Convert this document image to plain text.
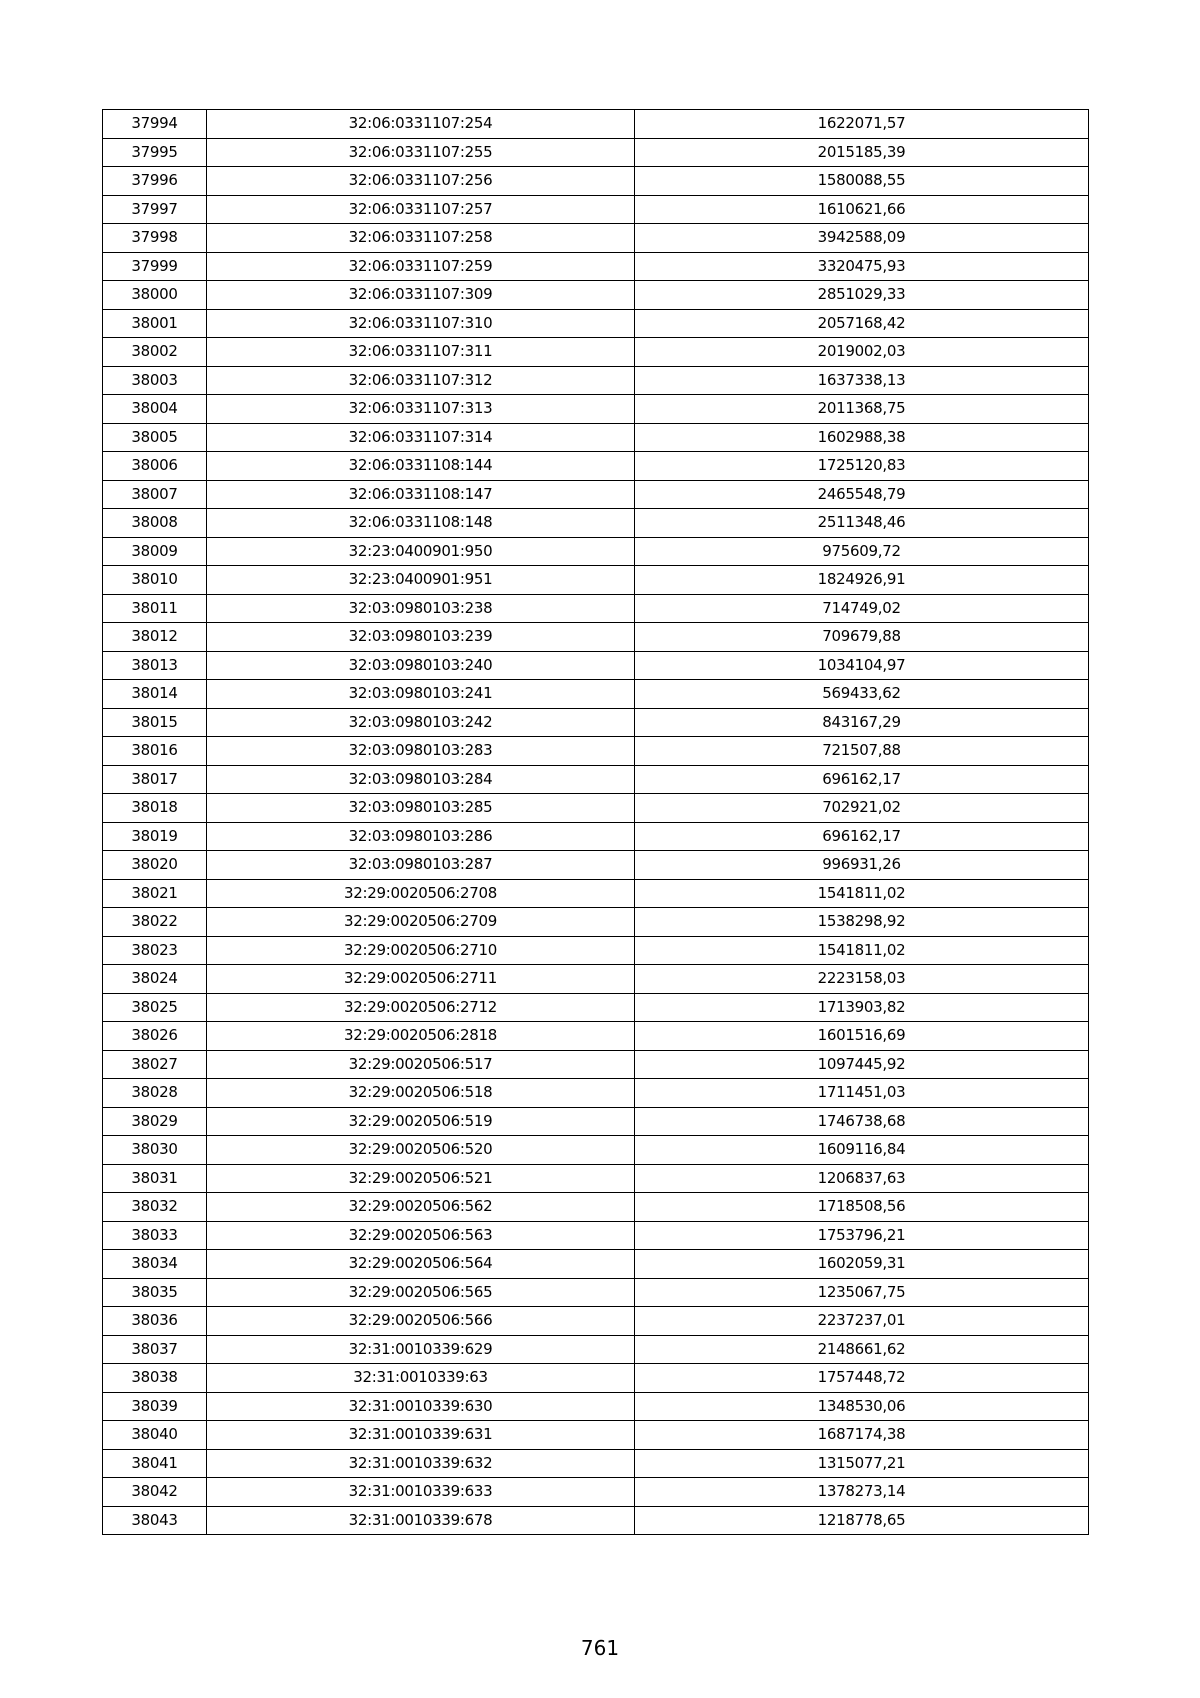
37994	32:06:0331107:254	1622071,57
37995	32:06:0331107:255	2015185,39
37996	32:06:0331107:256	1580088,55
37997	32:06:0331107:257	1610621,66
37998	32:06:0331107:258	3942588,09
37999	32:06:0331107:259	3320475,93
38000	32:06:0331107:309	2851029,33
38001	32:06:0331107:310	2057168,42
38002	32:06:0331107:311	2019002,03
38003	32:06:0331107:312	1637338,13
38004	32:06:0331107:313	2011368,75
38005	32:06:0331107:314	1602988,38
38006	32:06:0331108:144	1725120,83
38007	32:06:0331108:147	2465548,79
38008	32:06:0331108:148	2511348,46
38009	32:23:0400901:950	975609,72
38010	32:23:0400901:951	1824926,91
38011	32:03:0980103:238	714749,02
38012	32:03:0980103:239	709679,88
38013	32:03:0980103:240	1034104,97
38014	32:03:0980103:241	569433,62
38015	32:03:0980103:242	843167,29
38016	32:03:0980103:283	721507,88
38017	32:03:0980103:284	696162,17
38018	32:03:0980103:285	702921,02
38019	32:03:0980103:286	696162,17
38020	32:03:0980103:287	996931,26
38021	32:29:0020506:2708	1541811,02
38022	32:29:0020506:2709	1538298,92
38023	32:29:0020506:2710	1541811,02
38024	32:29:0020506:2711	2223158,03
38025	32:29:0020506:2712	1713903,82
38026	32:29:0020506:2818	1601516,69
38027	32:29:0020506:517	1097445,92
38028	32:29:0020506:518	1711451,03
38029	32:29:0020506:519	1746738,68
38030	32:29:0020506:520	1609116,84
38031	32:29:0020506:521	1206837,63
38032	32:29:0020506:562	1718508,56
38033	32:29:0020506:563	1753796,21
38034	32:29:0020506:564	1602059,31
38035	32:29:0020506:565	1235067,75
38036	32:29:0020506:566	2237237,01
38037	32:31:0010339:629	2148661,62
38038	32:31:0010339:63	1757448,72
38039	32:31:0010339:630	1348530,06
38040	32:31:0010339:631	1687174,38
38041	32:31:0010339:632	1315077,21
38042	32:31:0010339:633	1378273,14
38043	32:31:0010339:678	1218778,65
761
